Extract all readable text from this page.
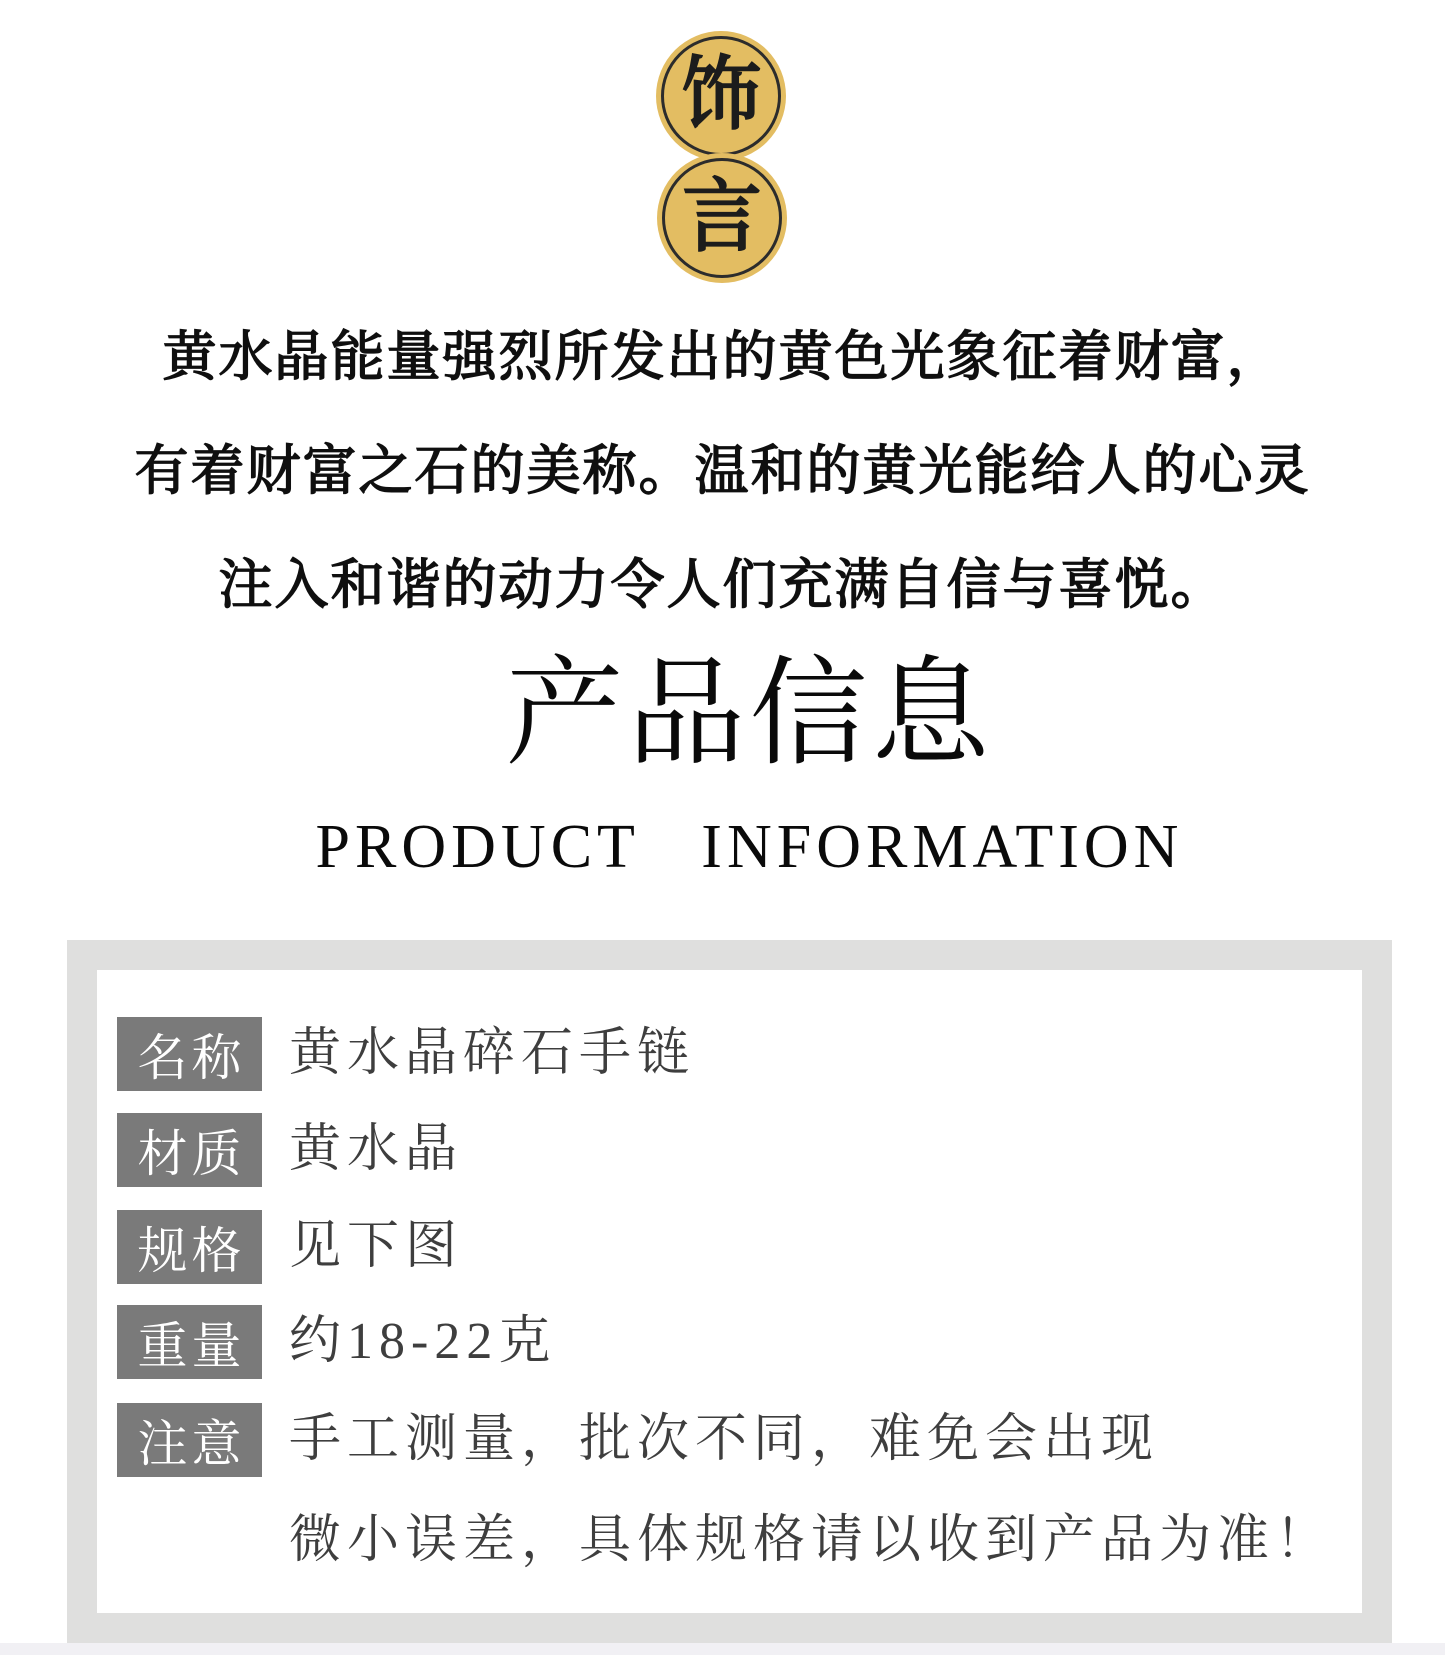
饰
言
黄水晶能量强烈所发出的黄色光象征着财富，
有着财富之石的美称。温和的黄光能给人的心灵
注入和谐的动力令人们充满自信与喜悦。
产品信息
PRODUCT INFORMATION
名称 黄水晶碎石手链
材质 黄水晶
规格 见下图
重量 约18-22克
注意 手工测量，批次不同，难免会出现
微小误差，具体规格请以收到产品为准！
